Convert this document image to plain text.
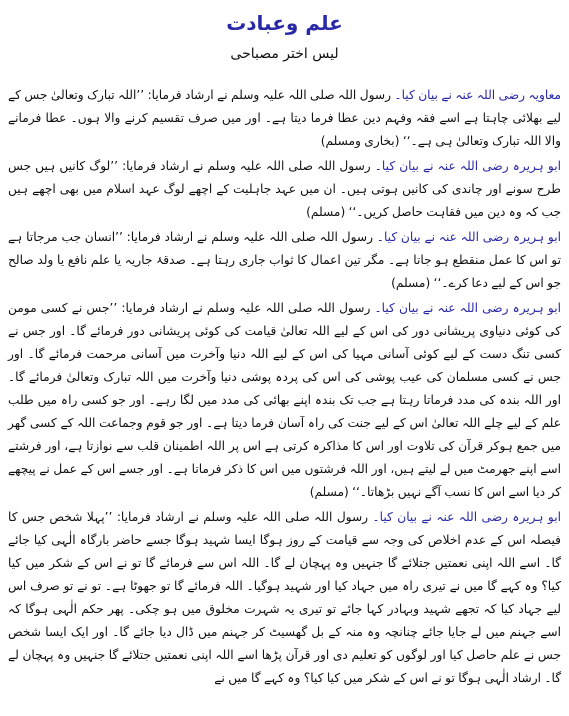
علم وعبادت
لیس اختر مصباحی

معاویہ رضی اللہ عنہ نے بیان کیا۔ رسول اللہ صلی اللہ علیہ وسلم نے ارشاد فرمایا: ’’اللہ تبارک وتعالیٰ جس کے لیے بھلائی چاہتا ہے اسے فقہ وفہم دین عطا فرما دیتا ہے۔ اور میں صرف تقسیم کرنے والا ہوں۔ عطا فرمانے والا اللہ تبارک وتعالیٰ ہی ہے۔‘‘ (بخاری ومسلم)

ابو ہریرہ رضی اللہ عنہ نے بیان کیا۔ رسول اللہ صلی اللہ علیہ وسلم نے ارشاد فرمایا: ’’لوگ کانیں ہیں جس طرح سونے اور چاندی کی کانیں ہوتی ہیں۔ ان میں عہد جاہلیت کے اچھے لوگ عہد اسلام میں بھی اچھے ہیں جب کہ وہ دین میں فقاہت حاصل کریں۔‘‘ (مسلم)

ابو ہریرہ رضی اللہ عنہ نے بیان کیا۔ رسول اللہ صلی اللہ علیہ وسلم نے ارشاد فرمایا: ’’انسان جب مرجاتا ہے تو اس کا عمل منقطع ہو جاتا ہے۔ مگر تین اعمال کا ثواب جاری رہتا ہے۔ صدقۂ جاریہ یا علم نافع یا ولد صالح جو اس کے لیے دعا کرے۔‘‘ (مسلم)

ابو ہریرہ رضی اللہ عنہ نے بیان کیا۔ رسول اللہ صلی اللہ علیہ وسلم نے ارشاد فرمایا: ’’جس نے کسی مومن کی کوئی دنیاوی پریشانی دور کی اس کے لیے اللہ تعالیٰ قیامت کی کوئی پریشانی دور فرمائے گا۔ اور جس نے کسی تنگ دست کے لیے کوئی آسانی مہیا کی اس کے لیے اللہ دنیا وآخرت میں آسانی مرحمت فرمائے گا۔ اور جس نے کسی مسلمان کی عیب پوشی کی اس کی پردہ پوشی دنیا وآخرت میں اللہ تبارک وتعالیٰ فرمائے گا۔ اور اللہ بندہ کی مدد فرماتا رہتا ہے جب تک بندہ اپنے بھائی کی مدد میں لگا رہے۔ اور جو کسی راہ میں طلب علم کے لیے چلے اللہ تعالیٰ اس کے لیے جنت کی راہ آسان فرما دیتا ہے۔ اور جو قوم وجماعت اللہ کے کسی گھر میں جمع ہوکر قرآن کی تلاوت اور اس کا مذاکرہ کرتی ہے اس پر اللہ اطمینان قلب سے نوازتا ہے، اور فرشتے اسے اپنے جھرمٹ میں لے لیتے ہیں، اور اللہ فرشتوں میں اس کا ذکر فرماتا ہے۔ اور جسے اس کے عمل نے پیچھے کر دیا اسے اس کا نسب آگے نہیں بڑھاتا۔‘‘ (مسلم)

ابو ہریرہ رضی اللہ عنہ نے بیان کیا۔ رسول اللہ صلی اللہ علیہ وسلم نے ارشاد فرمایا: ’’پہلا شخص جس کا فیصلہ اس کے عدم اخلاص کی وجہ سے قیامت کے روز ہوگا ایسا شہید ہوگا جسے حاضر بارگاہ الٰہی کیا جائے گا۔ اسے اللہ اپنی نعمتیں جتلائے گا جنہیں وہ پہچان لے گا۔ اللہ اس سے فرمائے گا تو نے اس کے شکر میں کیا کیا؟ وہ کہے گا میں نے تیری راہ میں جہاد کیا اور شہید ہوگیا۔ اللہ فرمائے گا تو جھوٹا ہے۔ تو نے تو صرف اس لیے جہاد کیا کہ تجھے شہید وبہادر کہا جائے تو تیری یہ شہرت مخلوق میں ہو چکی۔ پھر حکم الٰہی ہوگا کہ اسے جہنم میں لے جایا جائے چنانچہ وہ منہ کے بل گھسیٹ کر جہنم میں ڈال دیا جائے گا۔ اور ایک ایسا شخص جس نے علم حاصل کیا اور لوگوں کو تعلیم دی اور قرآن پڑھا اسے اللہ اپنی نعمتیں جتلائے گا جنہیں وہ پہچان لے گا۔ ارشاد الٰہی ہوگا تو نے اس کے شکر میں کیا کیا؟ وہ کہے گا میں نے
